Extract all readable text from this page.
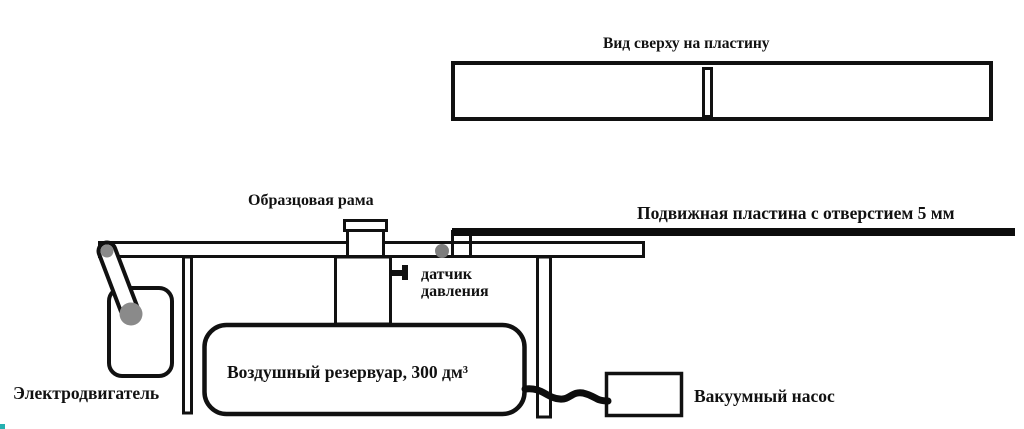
Вид сверху на пластину
Образцовая рама
Подвижная пластина с отверстием 5 мм
датчик давления
Воздушный резервуар, 300 дм³
Электродвигатель	Вакуумный насос
